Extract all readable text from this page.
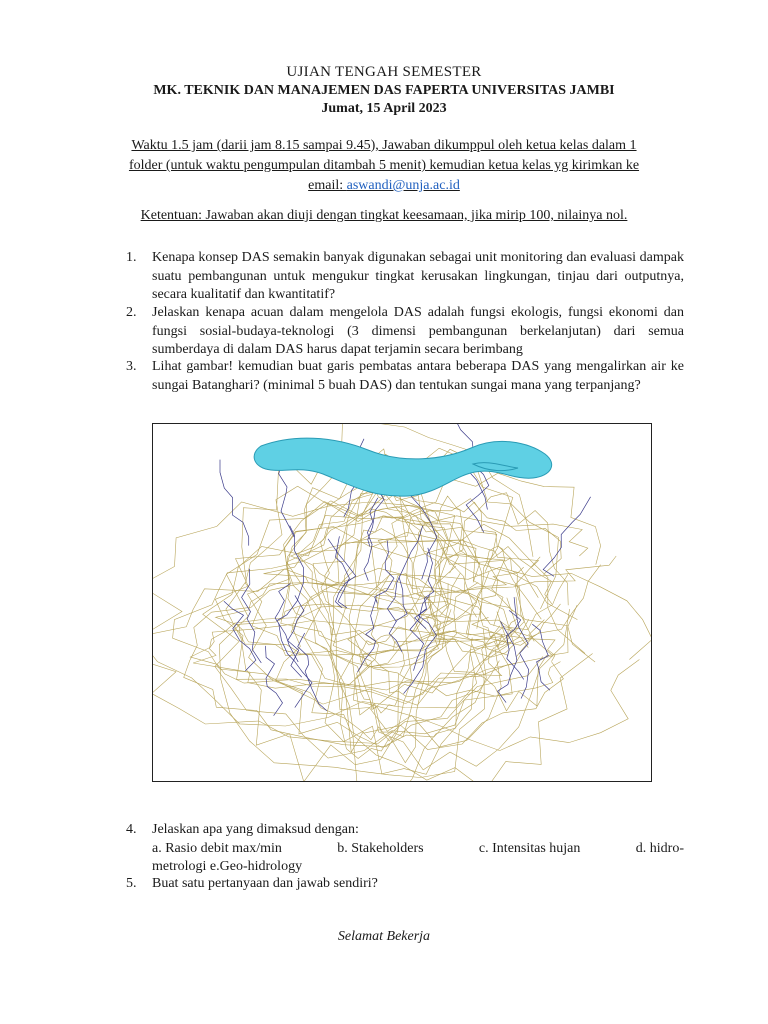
UJIAN TENGAH SEMESTER
MK. TEKNIK DAN MANAJEMEN DAS FAPERTA UNIVERSITAS JAMBI
Jumat, 15 April 2023
Waktu 1.5 jam (darii jam 8.15 sampai 9.45), Jawaban dikumppul oleh ketua kelas dalam 1
folder (untuk waktu pengumpulan ditambah 5 menit) kemudian ketua kelas yg kirimkan ke
email: aswandi@unja.ac.id
Ketentuan: Jawaban akan diuji dengan tingkat keesamaan, jika mirip 100, nilainya nol.
1.	Kenapa konsep DAS semakin banyak digunakan sebagai unit monitoring dan evaluasi dampak suatu pembangunan untuk mengukur tingkat kerusakan lingkungan, tinjau dari outputnya, secara kualitatif dan kwantitatif?
2.	Jelaskan kenapa acuan dalam mengelola DAS adalah fungsi ekologis, fungsi ekonomi dan fungsi sosial-budaya-teknologi (3 dimensi pembangunan berkelanjutan) dari semua sumberdaya di dalam DAS harus dapat terjamin secara berimbang
3.	Lihat gambar! kemudian buat garis pembatas antara beberapa DAS yang mengalirkan air ke sungai Batanghari? (minimal 5 buah DAS) dan tentukan sungai mana yang terpanjang?
4.	Jelaskan apa yang dimaksud dengan:
a. Rasio debit max/min	b. Stakeholders	c. Intensitas hujan	d. hidro-
metrologi e.Geo-hidrology
5.	Buat satu pertanyaan dan jawab sendiri?
Selamat Bekerja
